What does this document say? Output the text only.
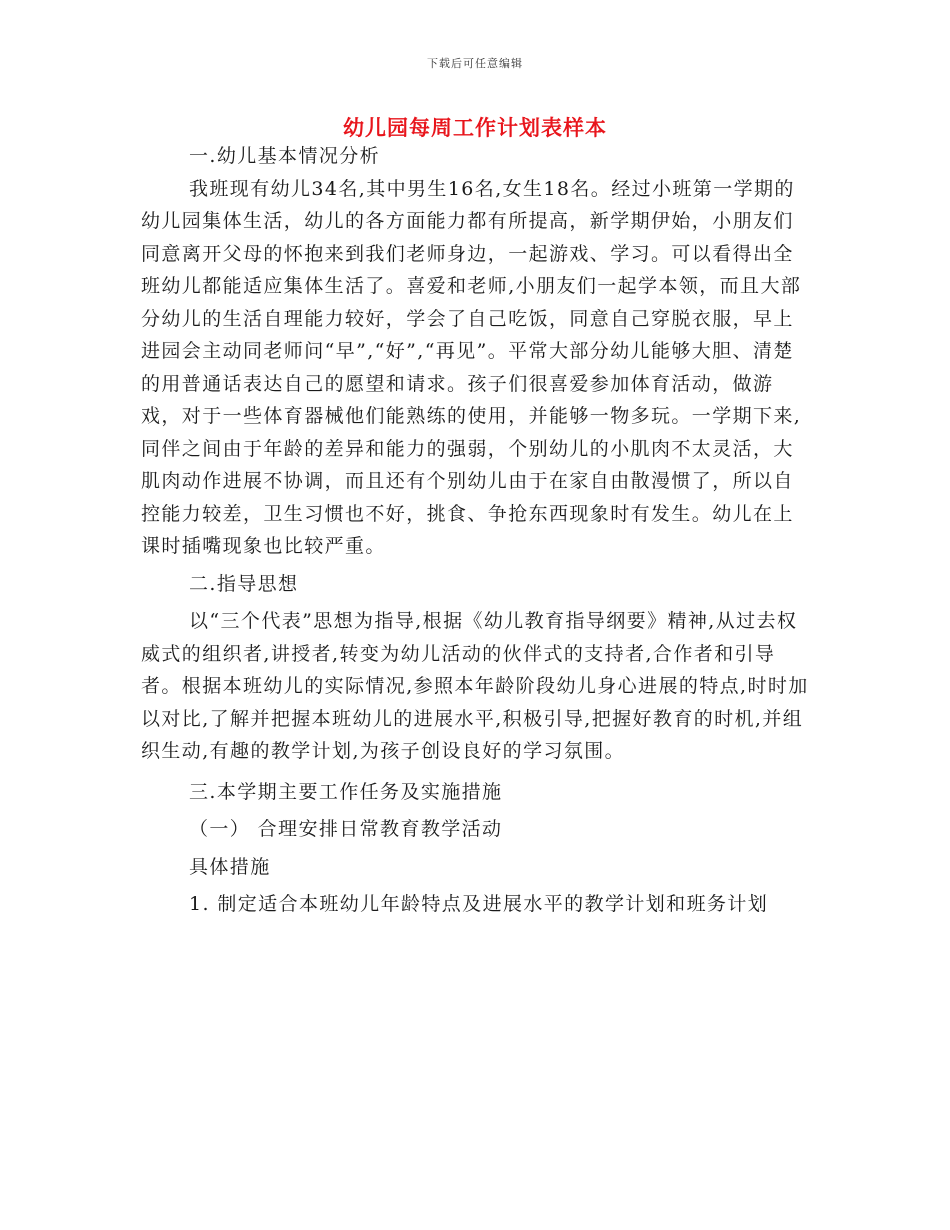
下载后可任意编辑
幼儿园每周工作计划表样本

一.幼儿基本情况分析

我班现有幼儿34名,其中男生16名,女生18名。经过小班第一学期的幼儿园集体生活，幼儿的各方面能力都有所提高，新学期伊始，小朋友们同意离开父母的怀抱来到我们老师身边，一起游戏、学习。可以看得出全班幼儿都能适应集体生活了。喜爱和老师,小朋友们一起学本领，而且大部分幼儿的生活自理能力较好，学会了自己吃饭，同意自己穿脱衣服，早上进园会主动同老师问“早”,“好”,“再见”。平常大部分幼儿能够大胆、清楚的用普通话表达自己的愿望和请求。孩子们很喜爱参加体育活动，做游戏，对于一些体育器械他们能熟练的使用，并能够一物多玩。一学期下来,同伴之间由于年龄的差异和能力的强弱，个别幼儿的小肌肉不太灵活，大肌肉动作进展不协调，而且还有个别幼儿由于在家自由散漫惯了，所以自控能力较差，卫生习惯也不好，挑食、争抢东西现象时有发生。幼儿在上课时插嘴现象也比较严重。

二.指导思想

以“三个代表”思想为指导,根据《幼儿教育指导纲要》精神,从过去权威式的组织者,讲授者,转变为幼儿活动的伙伴式的支持者,合作者和引导者。根据本班幼儿的实际情况,参照本年龄阶段幼儿身心进展的特点,时时加以对比,了解并把握本班幼儿的进展水平,积极引导,把握好教育的时机,并组织生动,有趣的教学计划,为孩子创设良好的学习氛围。

三.本学期主要工作任务及实施措施

（一） 合理安排日常教育教学活动

具体措施

1. 制定适合本班幼儿年龄特点及进展水平的教学计划和班务计划
